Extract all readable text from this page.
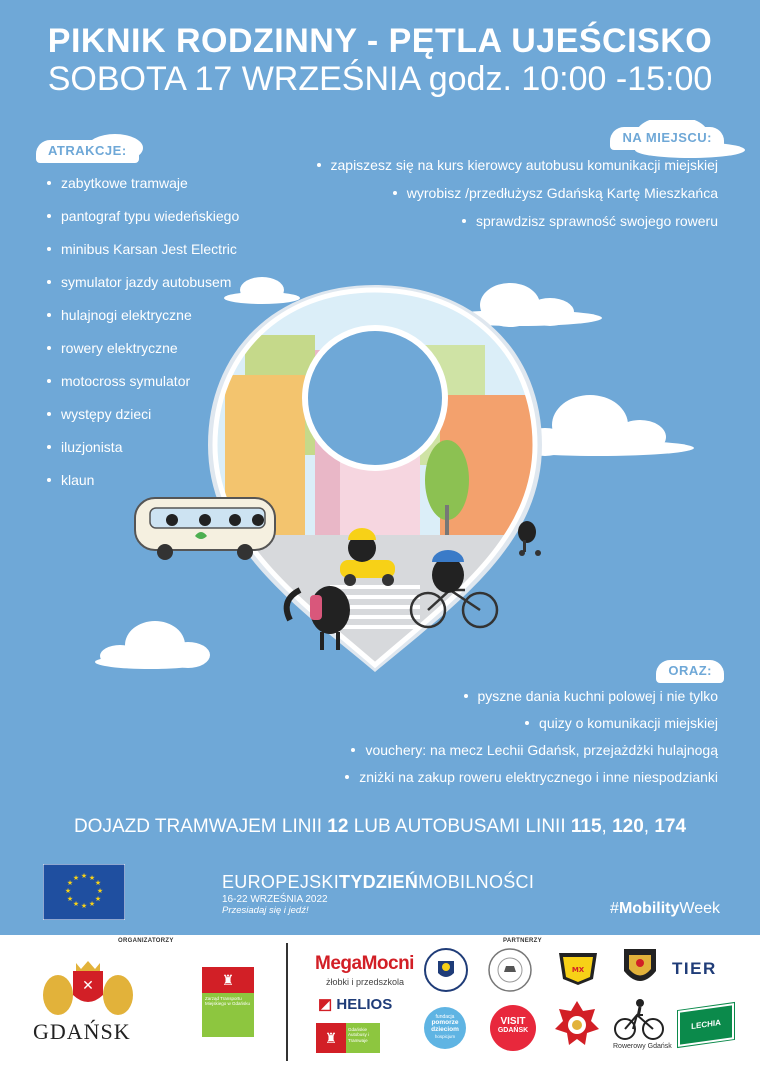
PIKNIK RODZINNY - PĘTLA UJEŚCISKO
SOBOTA 17 WRZEŚNIA godz. 10:00 -15:00
ATRAKCJE:
zabytkowe tramwaje
pantograf typu wiedeńskiego
minibus Karsan Jest Electric
symulator jazdy autobusem
hulajnogi elektryczne
rowery elektryczne
motocross symulator
występy dzieci
iluzjonista
klaun
NA MIEJSCU:
zapiszesz się na kurs kierowcy autobusu komunikacji miejskiej
wyrobisz /przedłużysz Gdańską Kartę Mieszkańca
sprawdzisz sprawność swojego roweru
ORAZ:
pyszne dania kuchni polowej i nie tylko
quizy o komunikacji miejskiej
vouchery: na mecz Lechii Gdańsk, przejażdżki hulajnogą
zniżki na zakup roweru elektrycznego i inne niespodzianki
DOJAZD TRAMWAJEM LINII 12 LUB AUTOBUSAMI LINII 115, 120, 174
★ ★
★
★
★
★
★
★
★
★
★
★	EUROPEJSKITYDZIEŃMOBILNOŚCI
16-22 WRZEŚNIA 2022
Przesiadaj się i jedź!	#MobilityWeek
ORGANIZATORZY	PARTNERZY
✕
GDAŃSK
♜
Zarząd Transportu Miejskiego w Gdańsku
MegaMocni
żłobki i przedszkola
◩ HELIOS
♜
Gdańskie Autobusy i Tramwaje
MX	TIER
fundacja
pomorze dzieciom
hospicjum
VISIT
GDAŃSK
Rowerowy Gdańsk
LECHIA
